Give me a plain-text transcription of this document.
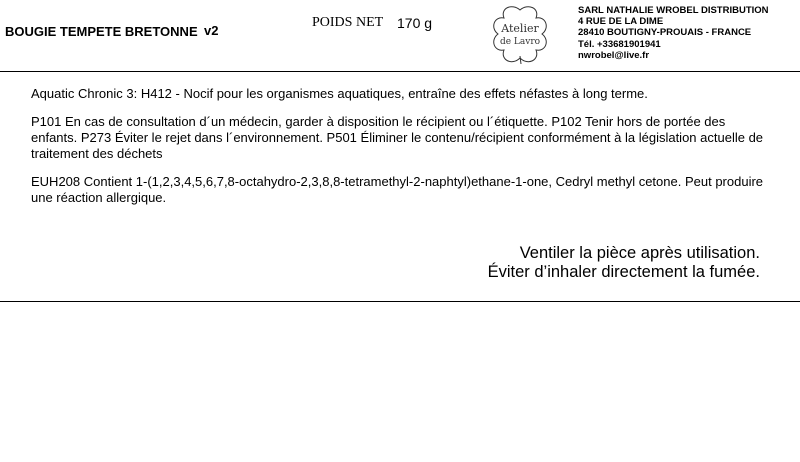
BOUGIE TEMPETE BRETONNE v2
POIDS NET 170 g	Atelier
de Lavro
SARL NATHALIE WROBEL DISTRIBUTION
4 RUE DE LA DIME
28410 BOUTIGNY-PROUAIS - FRANCE
Tél. +33681901941
nwrobel@live.fr

Aquatic Chronic 3: H412 - Nocif pour les organismes aquatiques, entraîne des effets néfastes à long terme.

P101 En cas de consultation d´un médecin, garder à disposition le récipient ou l´étiquette. P102 Tenir hors de portée des enfants. P273 Éviter le rejet dans l´environnement. P501 Éliminer le contenu/récipient conformément à la législation actuelle de traitement des déchets

EUH208 Contient 1-(1,2,3,4,5,6,7,8-octahydro-2,3,8,8-tetramethyl-2-naphtyl)ethane-1-one, Cedryl methyl cetone. Peut produire une réaction allergique.

Ventiler la pièce après utilisation.
Éviter d’inhaler directement la fumée.
